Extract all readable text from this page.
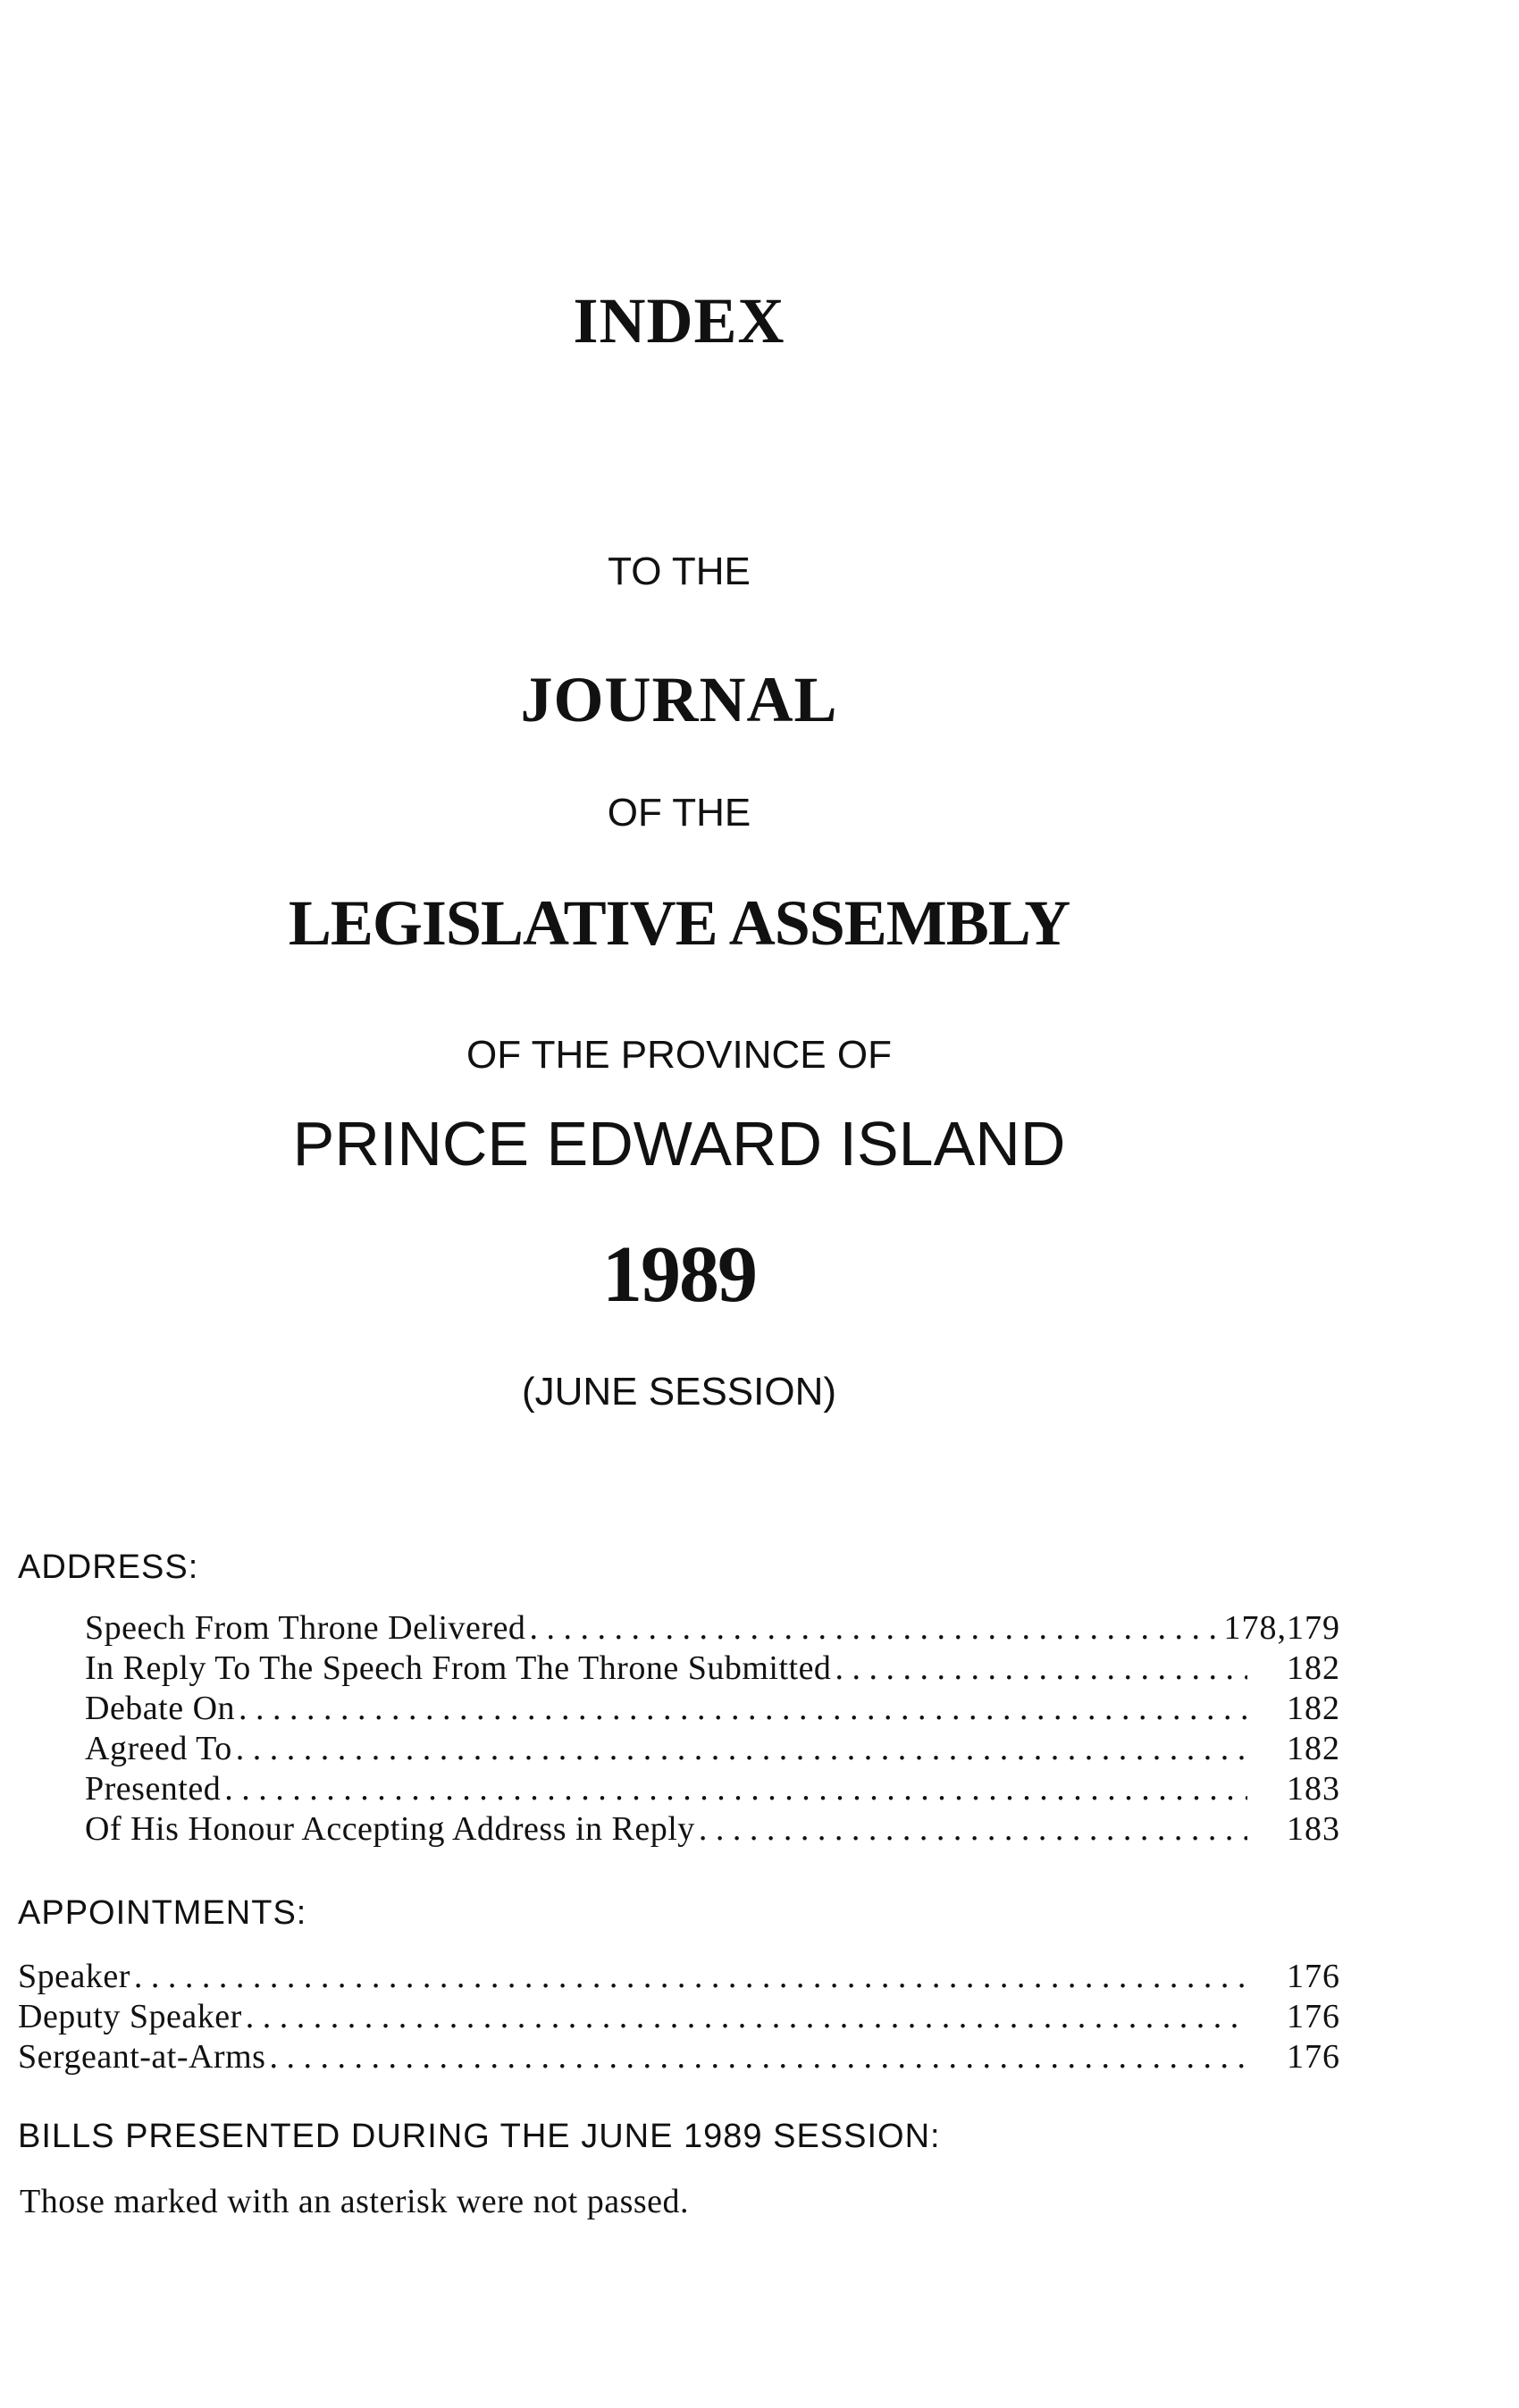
INDEX
TO THE
JOURNAL
OF THE
LEGISLATIVE ASSEMBLY
OF THE PROVINCE OF
PRINCE EDWARD ISLAND
1989
(JUNE SESSION)
ADDRESS:
Speech From Throne Delivered . . .	178,179
In Reply To The Speech From The Throne Submitted . . .	182
Debate On . . .	182
Agreed To . . .	182
Presented . . .	183
Of His Honour Accepting Address in Reply . . .	183
APPOINTMENTS:
Speaker . . .	176
Deputy Speaker . . .	176
Sergeant-at-Arms . . .	176
BILLS PRESENTED DURING THE JUNE 1989 SESSION:
Those marked with an asterisk were not passed.
